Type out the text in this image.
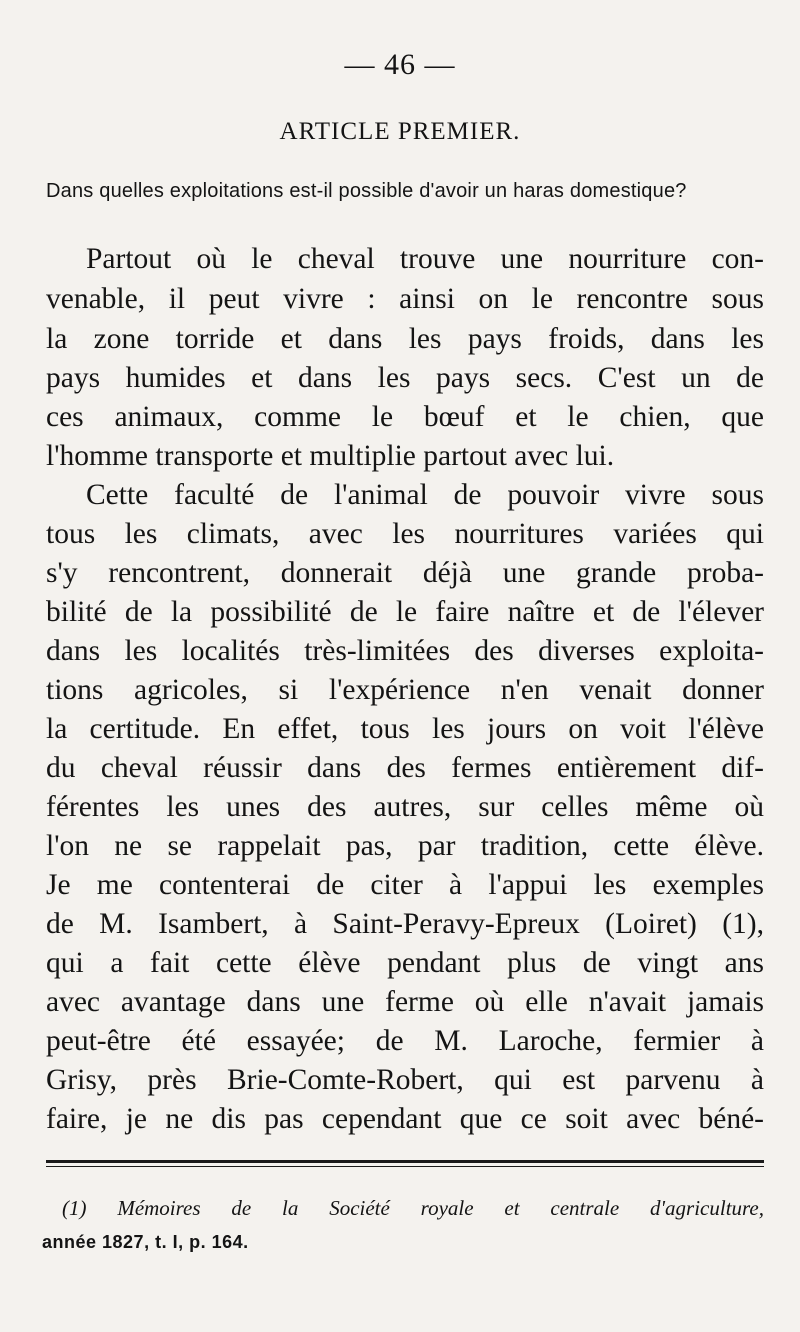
— 46 —
ARTICLE PREMIER.
Dans quelles exploitations est-il possible d'avoir un haras domestique?
Partout où le cheval trouve une nourriture con-
venable, il peut vivre : ainsi on le rencontre sous
la zone torride et dans les pays froids, dans les
pays humides et dans les pays secs. C'est un de
ces animaux, comme le bœuf et le chien, que
l'homme transporte et multiplie partout avec lui.
Cette faculté de l'animal de pouvoir vivre sous
tous les climats, avec les nourritures variées qui
s'y rencontrent, donnerait déjà une grande proba-
bilité de la possibilité de le faire naître et de l'élever
dans les localités très-limitées des diverses exploita-
tions agricoles, si l'expérience n'en venait donner
la certitude. En effet, tous les jours on voit l'élève
du cheval réussir dans des fermes entièrement dif-
férentes les unes des autres, sur celles même où
l'on ne se rappelait pas, par tradition, cette élève.
Je me contenterai de citer à l'appui les exemples
de M. Isambert, à Saint-Peravy-Epreux (Loiret) (1),
qui a fait cette élève pendant plus de vingt ans
avec avantage dans une ferme où elle n'avait jamais
peut-être été essayée; de M. Laroche, fermier à
Grisy, près Brie-Comte-Robert, qui est parvenu à
faire, je ne dis pas cependant que ce soit avec béné-
(1) Mémoires de la Société royale et centrale d'agriculture,
année 1827, t. I, p. 164.
